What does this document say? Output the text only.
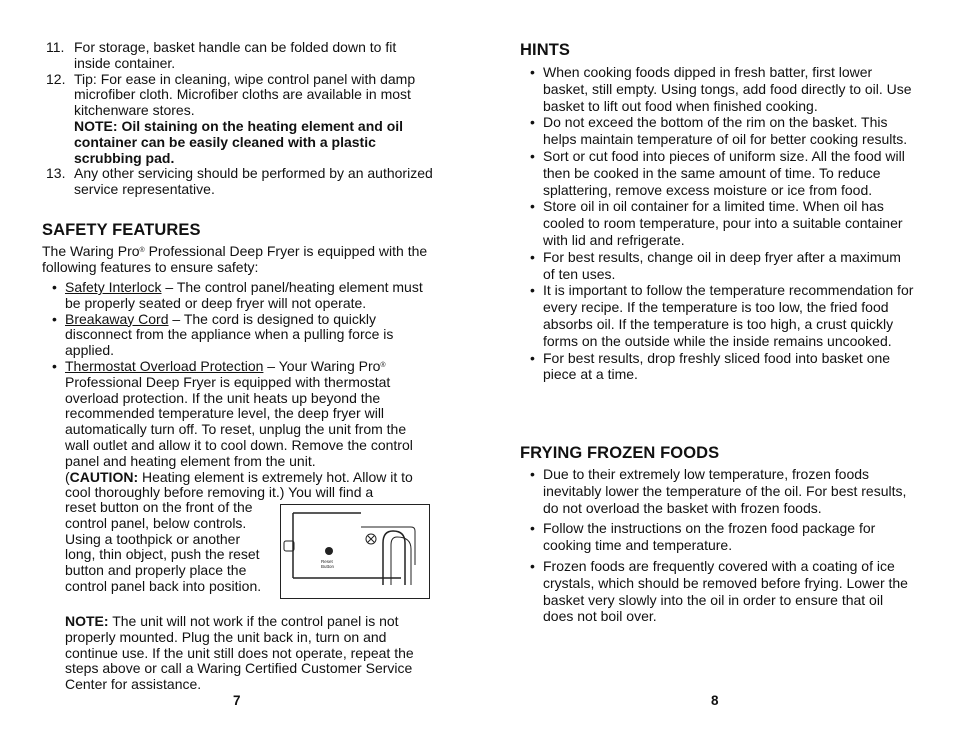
11. For storage, basket handle can be folded down to fit inside container.
12. Tip: For ease in cleaning, wipe control panel with damp microfiber cloth. Microfiber cloths are available in most kitchenware stores.
NOTE: Oil staining on the heating element and oil container can be easily cleaned with a plastic scrubbing pad.
13. Any other servicing should be performed by an authorized service representative.
SAFETY FEATURES
The Waring Pro® Professional Deep Fryer is equipped with the following features to ensure safety:
• Safety Interlock – The control panel/heating element must be properly seated or deep fryer will not operate.
• Breakaway Cord – The cord is designed to quickly disconnect from the appliance when a pulling force is applied.
• Thermostat Overload Protection – Your Waring Pro® Professional Deep Fryer is equipped with thermostat overload protection. If the unit heats up beyond the recommended temperature level, the deep fryer will automatically turn off. To reset, unplug the unit from the wall outlet and allow it to cool down. Remove the control panel and heating element from the unit.
(CAUTION: Heating element is extremely hot. Allow it to cool thoroughly before removing it.) You will find a
reset button on the front of the control panel, below controls. Using a toothpick or another long, thin object, push the reset button and properly place the control panel back into position.
Reset Button
NOTE: The unit will not work if the control panel is not properly mounted. Plug the unit back in, turn on and continue use. If the unit still does not operate, repeat the steps above or call a Waring Certified Customer Service Center for assistance.
7
HINTS
• When cooking foods dipped in fresh batter, first lower basket, still empty. Using tongs, add food directly to oil. Use basket to lift out food when finished cooking.
• Do not exceed the bottom of the rim on the basket. This helps maintain temperature of oil for better cooking results.
• Sort or cut food into pieces of uniform size. All the food will then be cooked in the same amount of time. To reduce splattering, remove excess moisture or ice from food.
• Store oil in oil container for a limited time. When oil has cooled to room temperature, pour into a suitable container with lid and refrigerate.
• For best results, change oil in deep fryer after a maximum of ten uses.
• It is important to follow the temperature recommendation for every recipe. If the temperature is too low, the fried food absorbs oil. If the temperature is too high, a crust quickly forms on the outside while the inside remains uncooked.
• For best results, drop freshly sliced food into basket one piece at a time.
FRYING FROZEN FOODS
• Due to their extremely low temperature, frozen foods inevitably lower the temperature of the oil. For best results, do not overload the basket with frozen foods.
• Follow the instructions on the frozen food package for cooking time and temperature.
• Frozen foods are frequently covered with a coating of ice crystals, which should be removed before frying. Lower the basket very slowly into the oil in order to ensure that oil does not boil over.
8
